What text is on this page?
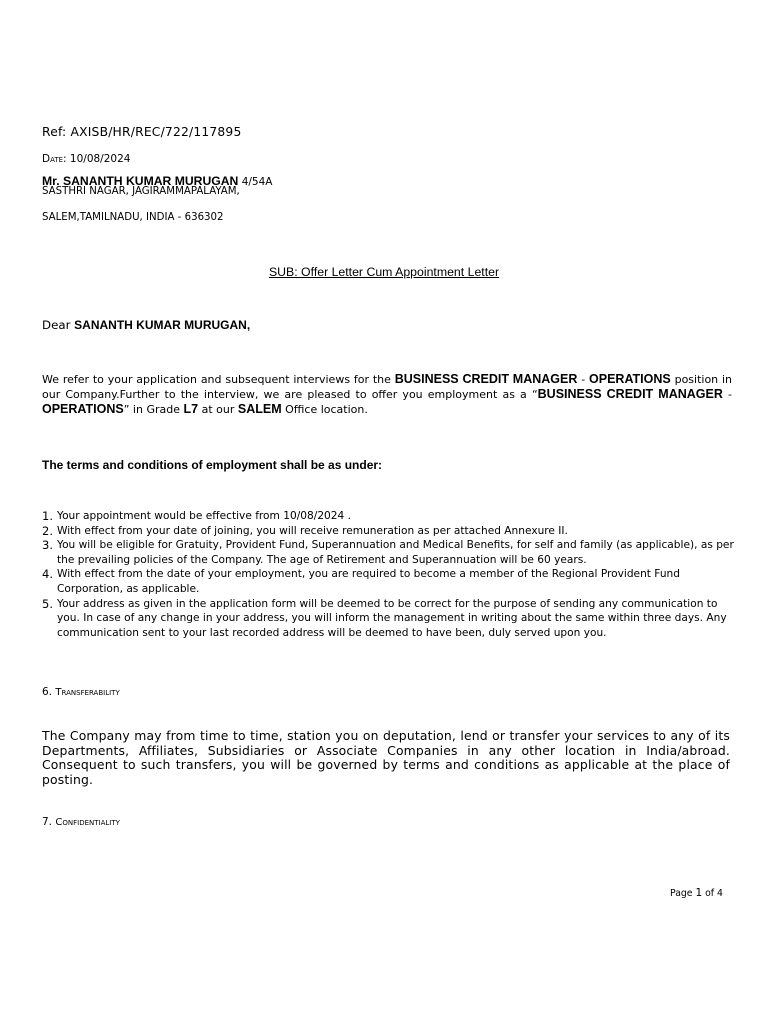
Ref: AXISB/HR/REC/722/117895
Date: 10/08/2024
Mr. SANANTH KUMAR MURUGAN 4/54A
SASTHRI NAGAR, JAGIRAMMAPALAYAM,
SALEM,TAMILNADU, INDIA - 636302
SUB: Offer Letter Cum Appointment Letter
Dear SANANTH KUMAR MURUGAN,
We refer to your application and subsequent interviews for the BUSINESS CREDIT MANAGER - OPERATIONS position in our Company.Further to the interview, we are pleased to offer you employment as a “BUSINESS CREDIT MANAGER - OPERATIONS” in Grade L7 at our SALEM Office location.
The terms and conditions of employment shall be as under:
1. Your appointment would be effective from 10/08/2024 .
2. With effect from your date of joining, you will receive remuneration as per attached Annexure II.
3. You will be eligible for Gratuity, Provident Fund, Superannuation and Medical Benefits, for self and family (as applicable), as per the prevailing policies of the Company. The age of Retirement and Superannuation will be 60 years.
4. With effect from the date of your employment, you are required to become a member of the Regional Provident Fund Corporation, as applicable.
5. Your address as given in the application form will be deemed to be correct for the purpose of sending any communication to you. In case of any change in your address, you will inform the management in writing about the same within three days. Any communication sent to your last recorded address will be deemed to have been, duly served upon you.
6. Transferability
The Company may from time to time, station you on deputation, lend or transfer your services to any of its Departments, Affiliates, Subsidiaries or Associate Companies in any other location in India/abroad. Consequent to such transfers, you will be governed by terms and conditions as applicable at the place of posting.
7. Confidentiality
Page 1 of 4
